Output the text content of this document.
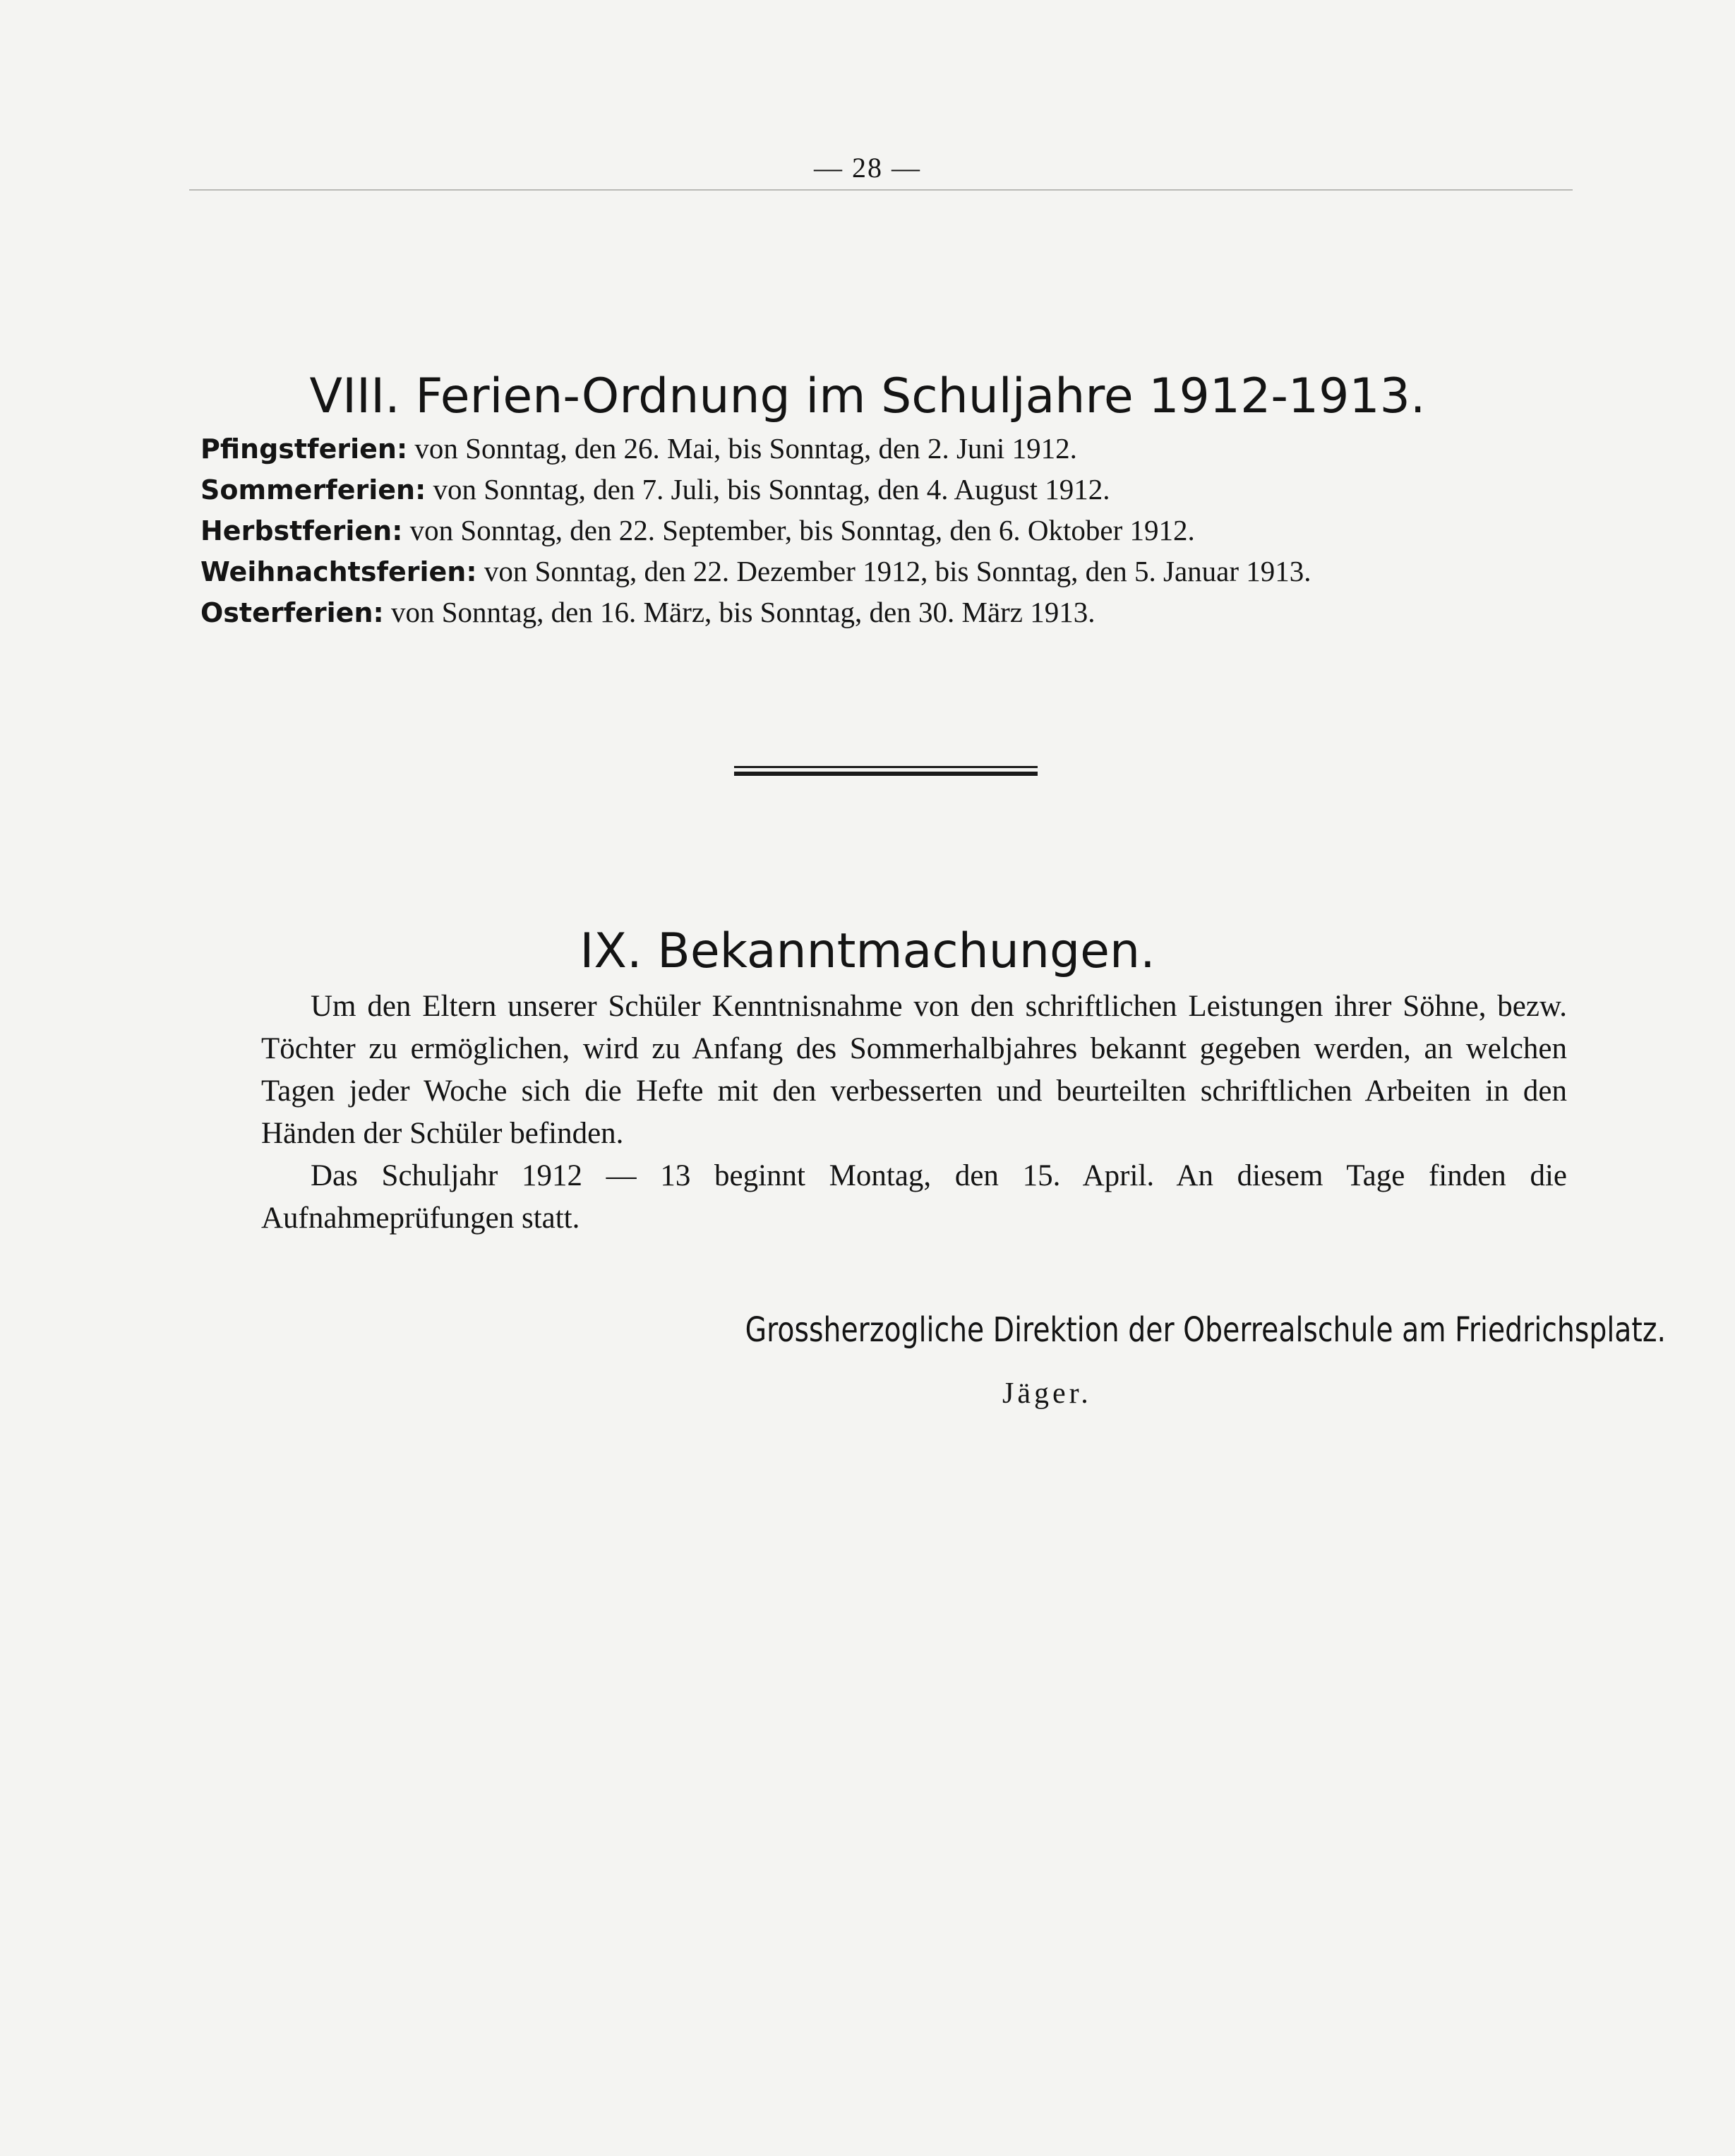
— 28 —
VIII. Ferien-Ordnung im Schuljahre 1912-1913.
Pfingstferien: von Sonntag, den 26. Mai, bis Sonntag, den 2. Juni 1912.
Sommerferien: von Sonntag, den 7. Juli, bis Sonntag, den 4. August 1912.
Herbstferien: von Sonntag, den 22. September, bis Sonntag, den 6. Oktober 1912.
Weihnachtsferien: von Sonntag, den 22. Dezember 1912, bis Sonntag, den 5. Januar 1913.
Osterferien: von Sonntag, den 16. März, bis Sonntag, den 30. März 1913.
IX. Bekanntmachungen.

Um den Eltern unserer Schüler Kenntnisnahme von den schriftlichen Leistungen ihrer Söhne, bezw. Töchter zu ermöglichen, wird zu Anfang des Sommerhalbjahres bekannt gegeben werden, an welchen Tagen jeder Woche sich die Hefte mit den verbesserten und beurteilten schriftlichen Arbeiten in den Händen der Schüler befinden.

Das Schuljahr 1912 — 13 beginnt Montag, den 15. April. An diesem Tage finden die Aufnahmeprüfungen statt.

Grossherzogliche Direktion der Oberrealschule am Friedrichsplatz.
Jäger.
